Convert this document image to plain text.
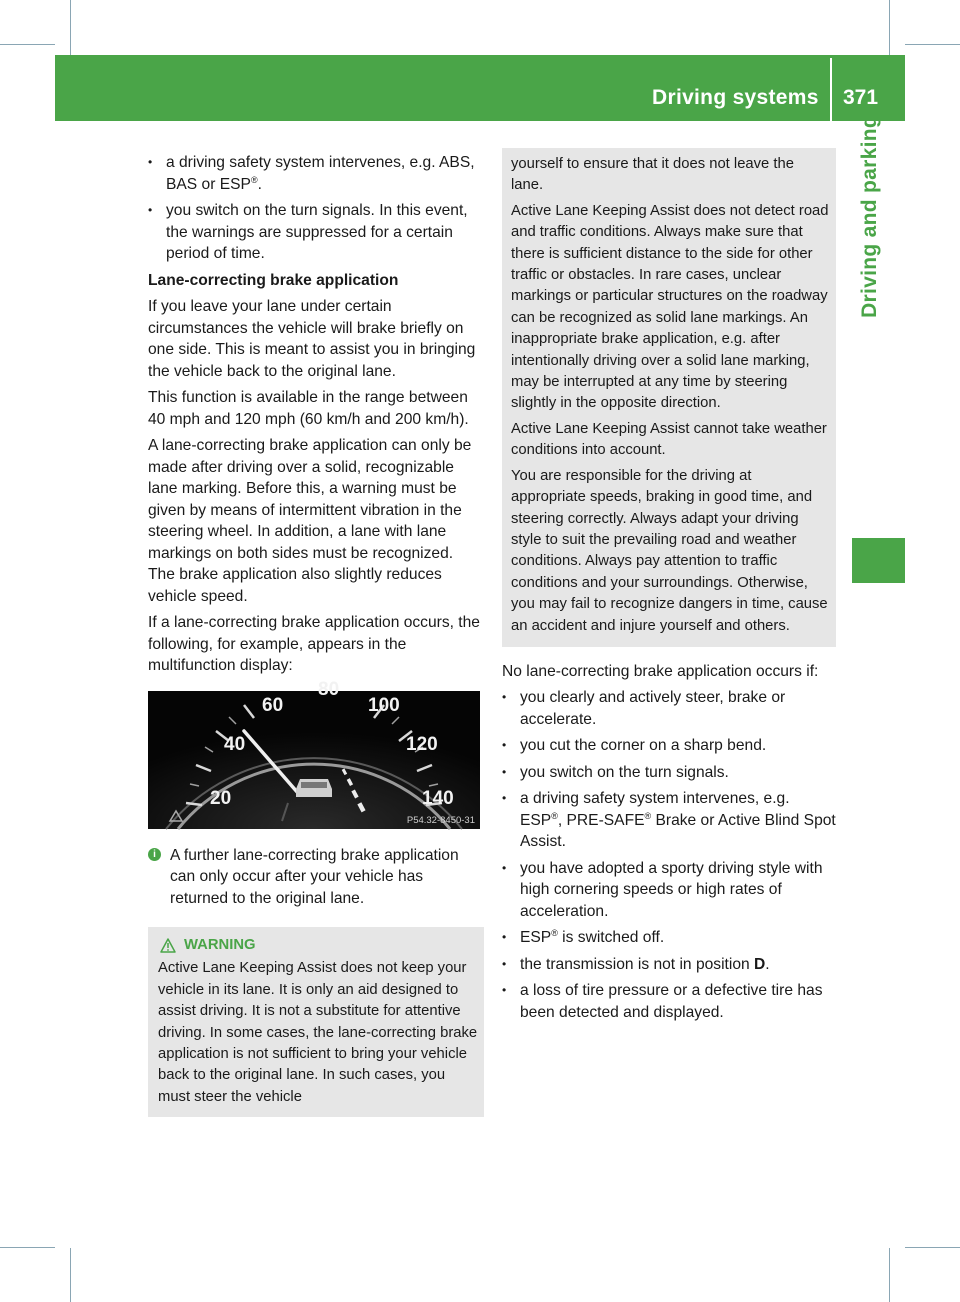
Driving systems 371
Driving and parking
• a driving safety system intervenes, e.g. ABS, BAS or ESP®.
• you switch on the turn signals. In this event, the warnings are suppressed for a certain period of time.
Lane-correcting brake application

If you leave your lane under certain circumstances the vehicle will brake briefly on one side. This is meant to assist you in bringing the vehicle back to the original lane.

This function is available in the range between 40 mph and 120 mph (60 km/h and 200 km/h).

A lane-correcting brake application can only be made after driving over a solid, recognizable lane marking. Before this, a warning must be given by means of intermittent vibration in the steering wheel. In addition, a lane with lane markings on both sides must be recognized. The brake application also slightly reduces vehicle speed.

If a lane-correcting brake application occurs, the following, for example, appears in the multifunction display:

20
40
60
80
100
120
140
P54.32-8450-31
i A further lane-correcting brake application can only occur after your vehicle has returned to the original lane.
WARNING

Active Lane Keeping Assist does not keep your vehicle in its lane. It is only an aid designed to assist driving. It is not a substitute for attentive driving. In some cases, the lane-correcting brake application is not sufficient to bring your vehicle back to the original lane. In such cases, you must steer the vehicle

yourself to ensure that it does not leave the lane.

Active Lane Keeping Assist does not detect road and traffic conditions. Always make sure that there is sufficient distance to the side for other traffic or obstacles. In rare cases, unclear markings or particular structures on the roadway can be recognized as solid lane markings. An inappropriate brake application, e.g. after intentionally driving over a solid lane marking, may be interrupted at any time by steering slightly in the opposite direction.

Active Lane Keeping Assist cannot take weather conditions into account.

You are responsible for the driving at appropriate speeds, braking in good time, and steering correctly. Always adapt your driving style to suit the prevailing road and weather conditions. Always pay attention to traffic conditions and your surroundings. Otherwise, you may fail to recognize dangers in time, cause an accident and injure yourself and others.

No lane-correcting brake application occurs if:

• you clearly and actively steer, brake or accelerate.
• you cut the corner on a sharp bend.
• you switch on the turn signals.
• a driving safety system intervenes, e.g. ESP®, PRE-SAFE® Brake or Active Blind Spot Assist.
• you have adopted a sporty driving style with high cornering speeds or high rates of acceleration.
• ESP® is switched off.
• the transmission is not in position D.
• a loss of tire pressure or a defective tire has been detected and displayed.
